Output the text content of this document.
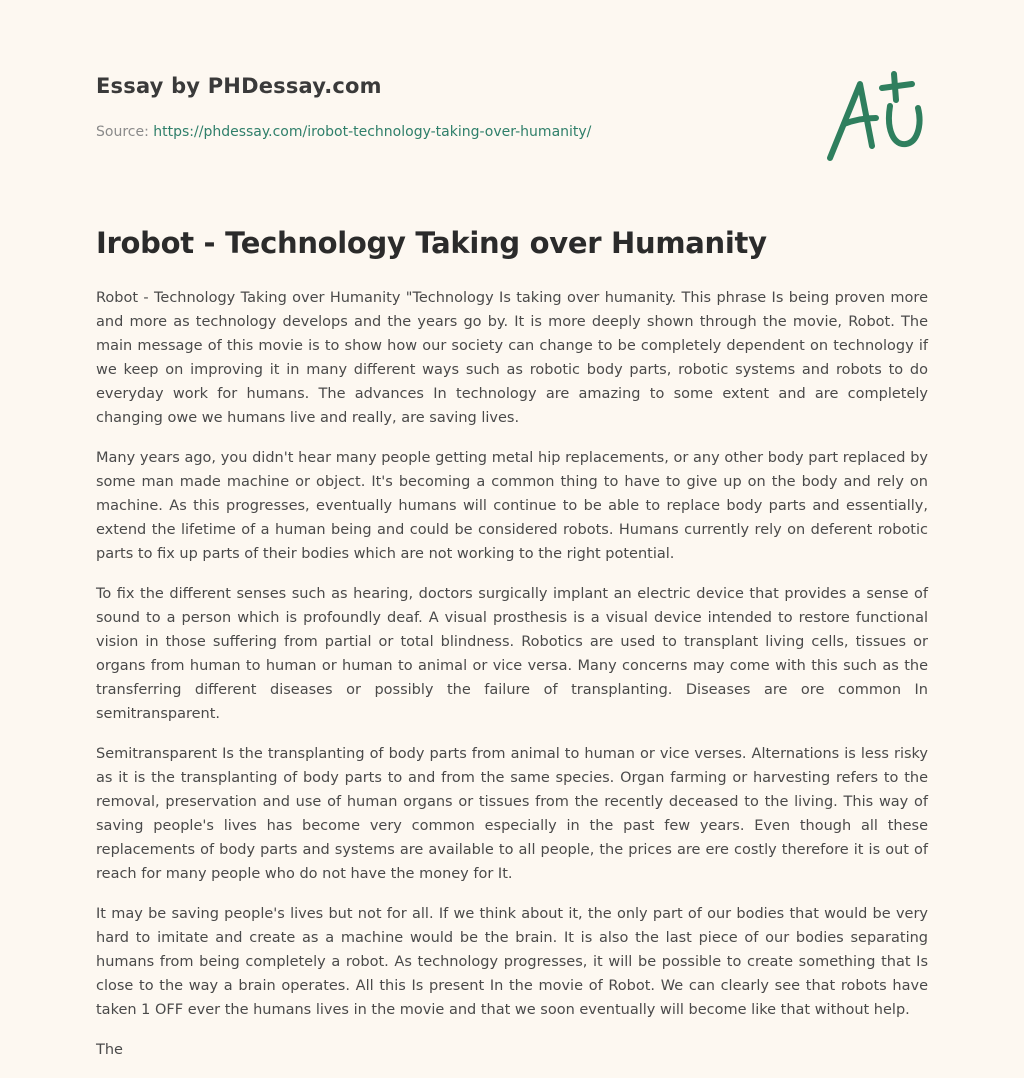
Essay by PHDessay.com
Source: https://phdessay.com/irobot-technology-taking-over-humanity/
Irobot - Technology Taking over Humanity

Robot - Technology Taking over Humanity "Technology Is taking over humanity. This phrase Is being proven more and more as technology develops and the years go by. It is more deeply shown through the movie, Robot. The main message of this movie is to show how our society can change to be completely dependent on technology if we keep on improving it in many different ways such as robotic body parts, robotic systems and robots to do everyday work for humans. The advances In technology are amazing to some extent and are completely changing owe we humans live and really, are saving lives.

Many years ago, you didn't hear many people getting metal hip replacements, or any other body part replaced by some man made machine or object. It's becoming a common thing to have to give up on the body and rely on machine. As this progresses, eventually humans will continue to be able to replace body parts and essentially, extend the lifetime of a human being and could be considered robots. Humans currently rely on deferent robotic parts to fix up parts of their bodies which are not working to the right potential.

To fix the different senses such as hearing, doctors surgically implant an electric device that provides a sense of sound to a person which is profoundly deaf. A visual prosthesis is a visual device intended to restore functional vision in those suffering from partial or total blindness. Robotics are used to transplant living cells, tissues or organs from human to human or human to animal or vice versa. Many concerns may come with this such as the transferring different diseases or possibly the failure of transplanting. Diseases are ore common In semitransparent.

Semitransparent Is the transplanting of body parts from animal to human or vice verses. Alternations is less risky as it is the transplanting of body parts to and from the same species. Organ farming or harvesting refers to the removal, preservation and use of human organs or tissues from the recently deceased to the living. This way of saving people's lives has become very common especially in the past few years. Even though all these replacements of body parts and systems are available to all people, the prices are ere costly therefore it is out of reach for many people who do not have the money for It.

It may be saving people's lives but not for all. If we think about it, the only part of our bodies that would be very hard to imitate and create as a machine would be the brain. It is also the last piece of our bodies separating humans from being completely a robot. As technology progresses, it will be possible to create something that Is close to the way a brain operates. All this Is present In the movie of Robot. We can clearly see that robots have taken 1 OFF ever the humans lives in the movie and that we soon eventually will become like that without help.

The
